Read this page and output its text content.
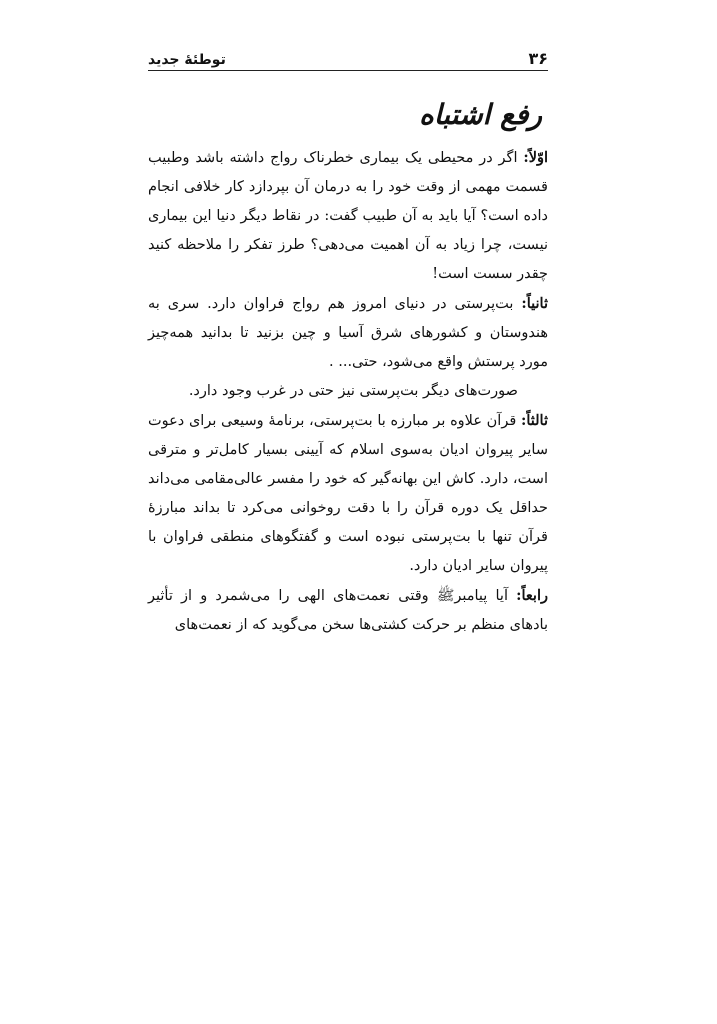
۳۶
توطئهٔ جدید
رفع اشتباه

اوّلاً: اگر در محیطی یک بیماری خطرناک رواج داشته باشد وطبیب قسمت مهمی از وقت خود را به درمان آن بپردازد کار خلافی انجام داده است؟ آیا باید به آن طبیب گفت: در نقاط دیگر دنیا این بیماری نیست، چرا زیاد به آن اهمیت می‌دهی؟ طرز تفکر را ملاحظه کنید چقدر سست است!

ثانیاً: بت‌پرستی در دنیای امروز هم رواج فراوان دارد. سری به هندوستان و کشورهای شرق آسیا و چین بزنید تا بدانید همه‌چیز مورد پرستش واقع می‌شود، حتی... .

صورت‌های دیگر بت‌پرستی نیز حتی در غرب وجود دارد.

ثالثاً: قرآن علاوه بر مبارزه با بت‌پرستی، برنامهٔ وسیعی برای دعوت سایر پیروان ادیان به‌سوی اسلام که آیینی بسیار کامل‌تر و مترقی است، دارد. کاش این بهانه‌گیر که خود را مفسر عالی‌مقامی می‌داند حداقل یک دوره قرآن را با دقت روخوانی می‌کرد تا بداند مبارزهٔ قرآن تنها با بت‌پرستی نبوده است و گفتگوهای منطقی فراوان با پیروان سایر ادیان دارد.

رابعاً: آیا پیامبرﷺ وقتی نعمت‌های الهی را می‌شمرد و از تأثیر بادهای منظم بر حرکت کشتی‌ها سخن می‌گوید که از نعمت‌های
